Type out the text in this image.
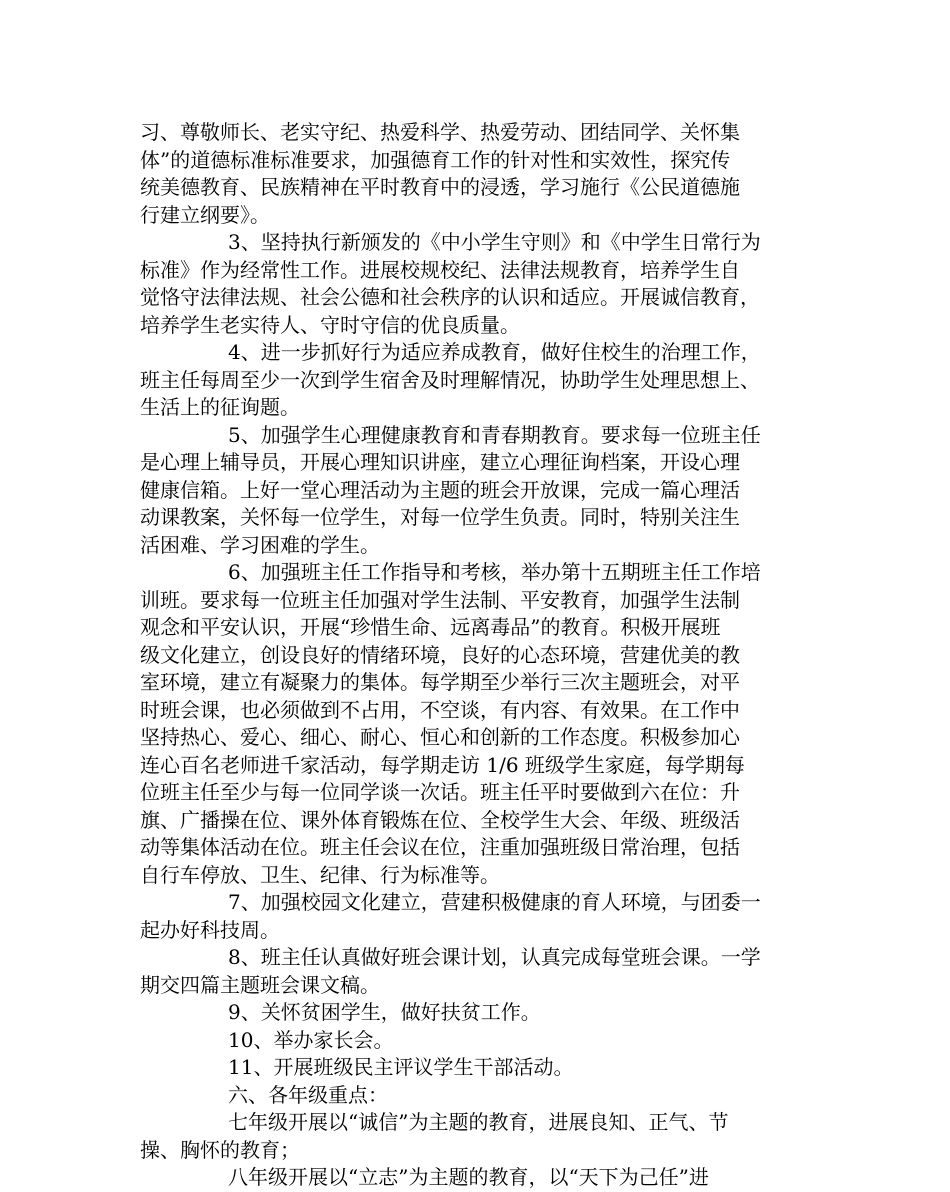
习、尊敬师长、老实守纪、热爱科学、热爱劳动、团结同学、关怀集
体”的道德标准标准要求，加强德育工作的针对性和实效性，探究传
统美德教育、民族精神在平时教育中的浸透，学习施行《公民道德施
行建立纲要》。
3、坚持执行新颁发的《中小学生守则》和《中学生日常行为
标准》作为经常性工作。进展校规校纪、法律法规教育，培养学生自
觉恪守法律法规、社会公德和社会秩序的认识和适应。开展诚信教育，
培养学生老实待人、守时守信的优良质量。
4、进一步抓好行为适应养成教育，做好住校生的治理工作，
班主任每周至少一次到学生宿舍及时理解情况，协助学生处理思想上、
生活上的征询题。
5、加强学生心理健康教育和青春期教育。要求每一位班主任
是心理上辅导员，开展心理知识讲座，建立心理征询档案，开设心理
健康信箱。上好一堂心理活动为主题的班会开放课，完成一篇心理活
动课教案，关怀每一位学生，对每一位学生负责。同时，特别关注生
活困难、学习困难的学生。
6、加强班主任工作指导和考核，举办第十五期班主任工作培
训班。要求每一位班主任加强对学生法制、平安教育，加强学生法制
观念和平安认识，开展“珍惜生命、远离毒品”的教育。积极开展班
级文化建立，创设良好的情绪环境，良好的心态环境，营建优美的教
室环境，建立有凝聚力的集体。每学期至少举行三次主题班会，对平
时班会课，也必须做到不占用，不空谈，有内容、有效果。在工作中
坚持热心、爱心、细心、耐心、恒心和创新的工作态度。积极参加心
连心百名老师进千家活动，每学期走访 1/6 班级学生家庭，每学期每
位班主任至少与每一位同学谈一次话。班主任平时要做到六在位：升
旗、广播操在位、课外体育锻炼在位、全校学生大会、年级、班级活
动等集体活动在位。班主任会议在位，注重加强班级日常治理，包括
自行车停放、卫生、纪律、行为标准等。
7、加强校园文化建立，营建积极健康的育人环境，与团委一
起办好科技周。
8、班主任认真做好班会课计划，认真完成每堂班会课。一学
期交四篇主题班会课文稿。
9、关怀贫困学生，做好扶贫工作。
10、举办家长会。
11、开展班级民主评议学生干部活动。
六、各年级重点：
七年级开展以“诚信”为主题的教育，进展良知、正气、节
操、胸怀的教育；
八年级开展以“立志”为主题的教育，以“天下为己任”进
